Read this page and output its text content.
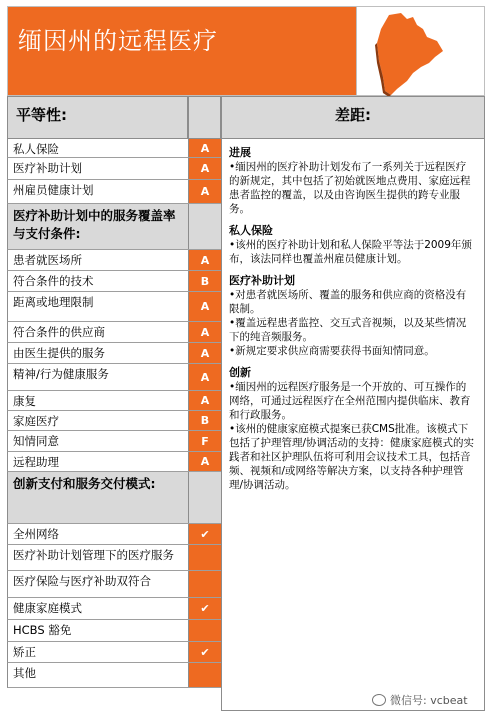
缅因州的远程医疗
平等性:	差距:
私人保险	A
医疗补助计划	A
州雇员健康计划	A
医疗补助计划中的服务覆盖率与支付条件:
患者就医场所	A
符合条件的技术	B
距离或地理限制	A
符合条件的供应商	A
由医生提供的服务	A
精神/行为健康服务	A
康复	A
家庭医疗	B
知情同意	F
远程助理	A
创新支付和服务交付模式:
全州网络	✔
医疗补助计划管理下的医疗服务
医疗保险与医疗补助双符合
健康家庭模式	✔
HCBS 豁免
矫正	✔
其他
进展
•缅因州的医疗补助计划发布了一系列关于远程医疗的新规定，其中包括了初始就医地点费用、家庭远程患者监控的覆盖，以及由咨询医生提供的跨专业服务。
私人保险
•该州的医疗补助计划和私人保险平等法于2009年颁布，该法同样也覆盖州雇员健康计划。
医疗补助计划
•对患者就医场所、覆盖的服务和供应商的资格没有限制。
•覆盖远程患者监控、交互式音视频，以及某些情况下的纯音频服务。
•新规定要求供应商需要获得书面知情同意。
创新
•缅因州的远程医疗服务是一个开放的、可互操作的网络，可通过远程医疗在全州范围内提供临床、教育和行政服务。
•该州的健康家庭模式提案已获CMS批准。该模式下包括了护理管理/协调活动的支持：健康家庭模式的实践者和社区护理队伍将可利用会议技术工具，包括音频、视频和/或网络等解决方案，以支持各种护理管理/协调活动。
微信号: vcbeat
